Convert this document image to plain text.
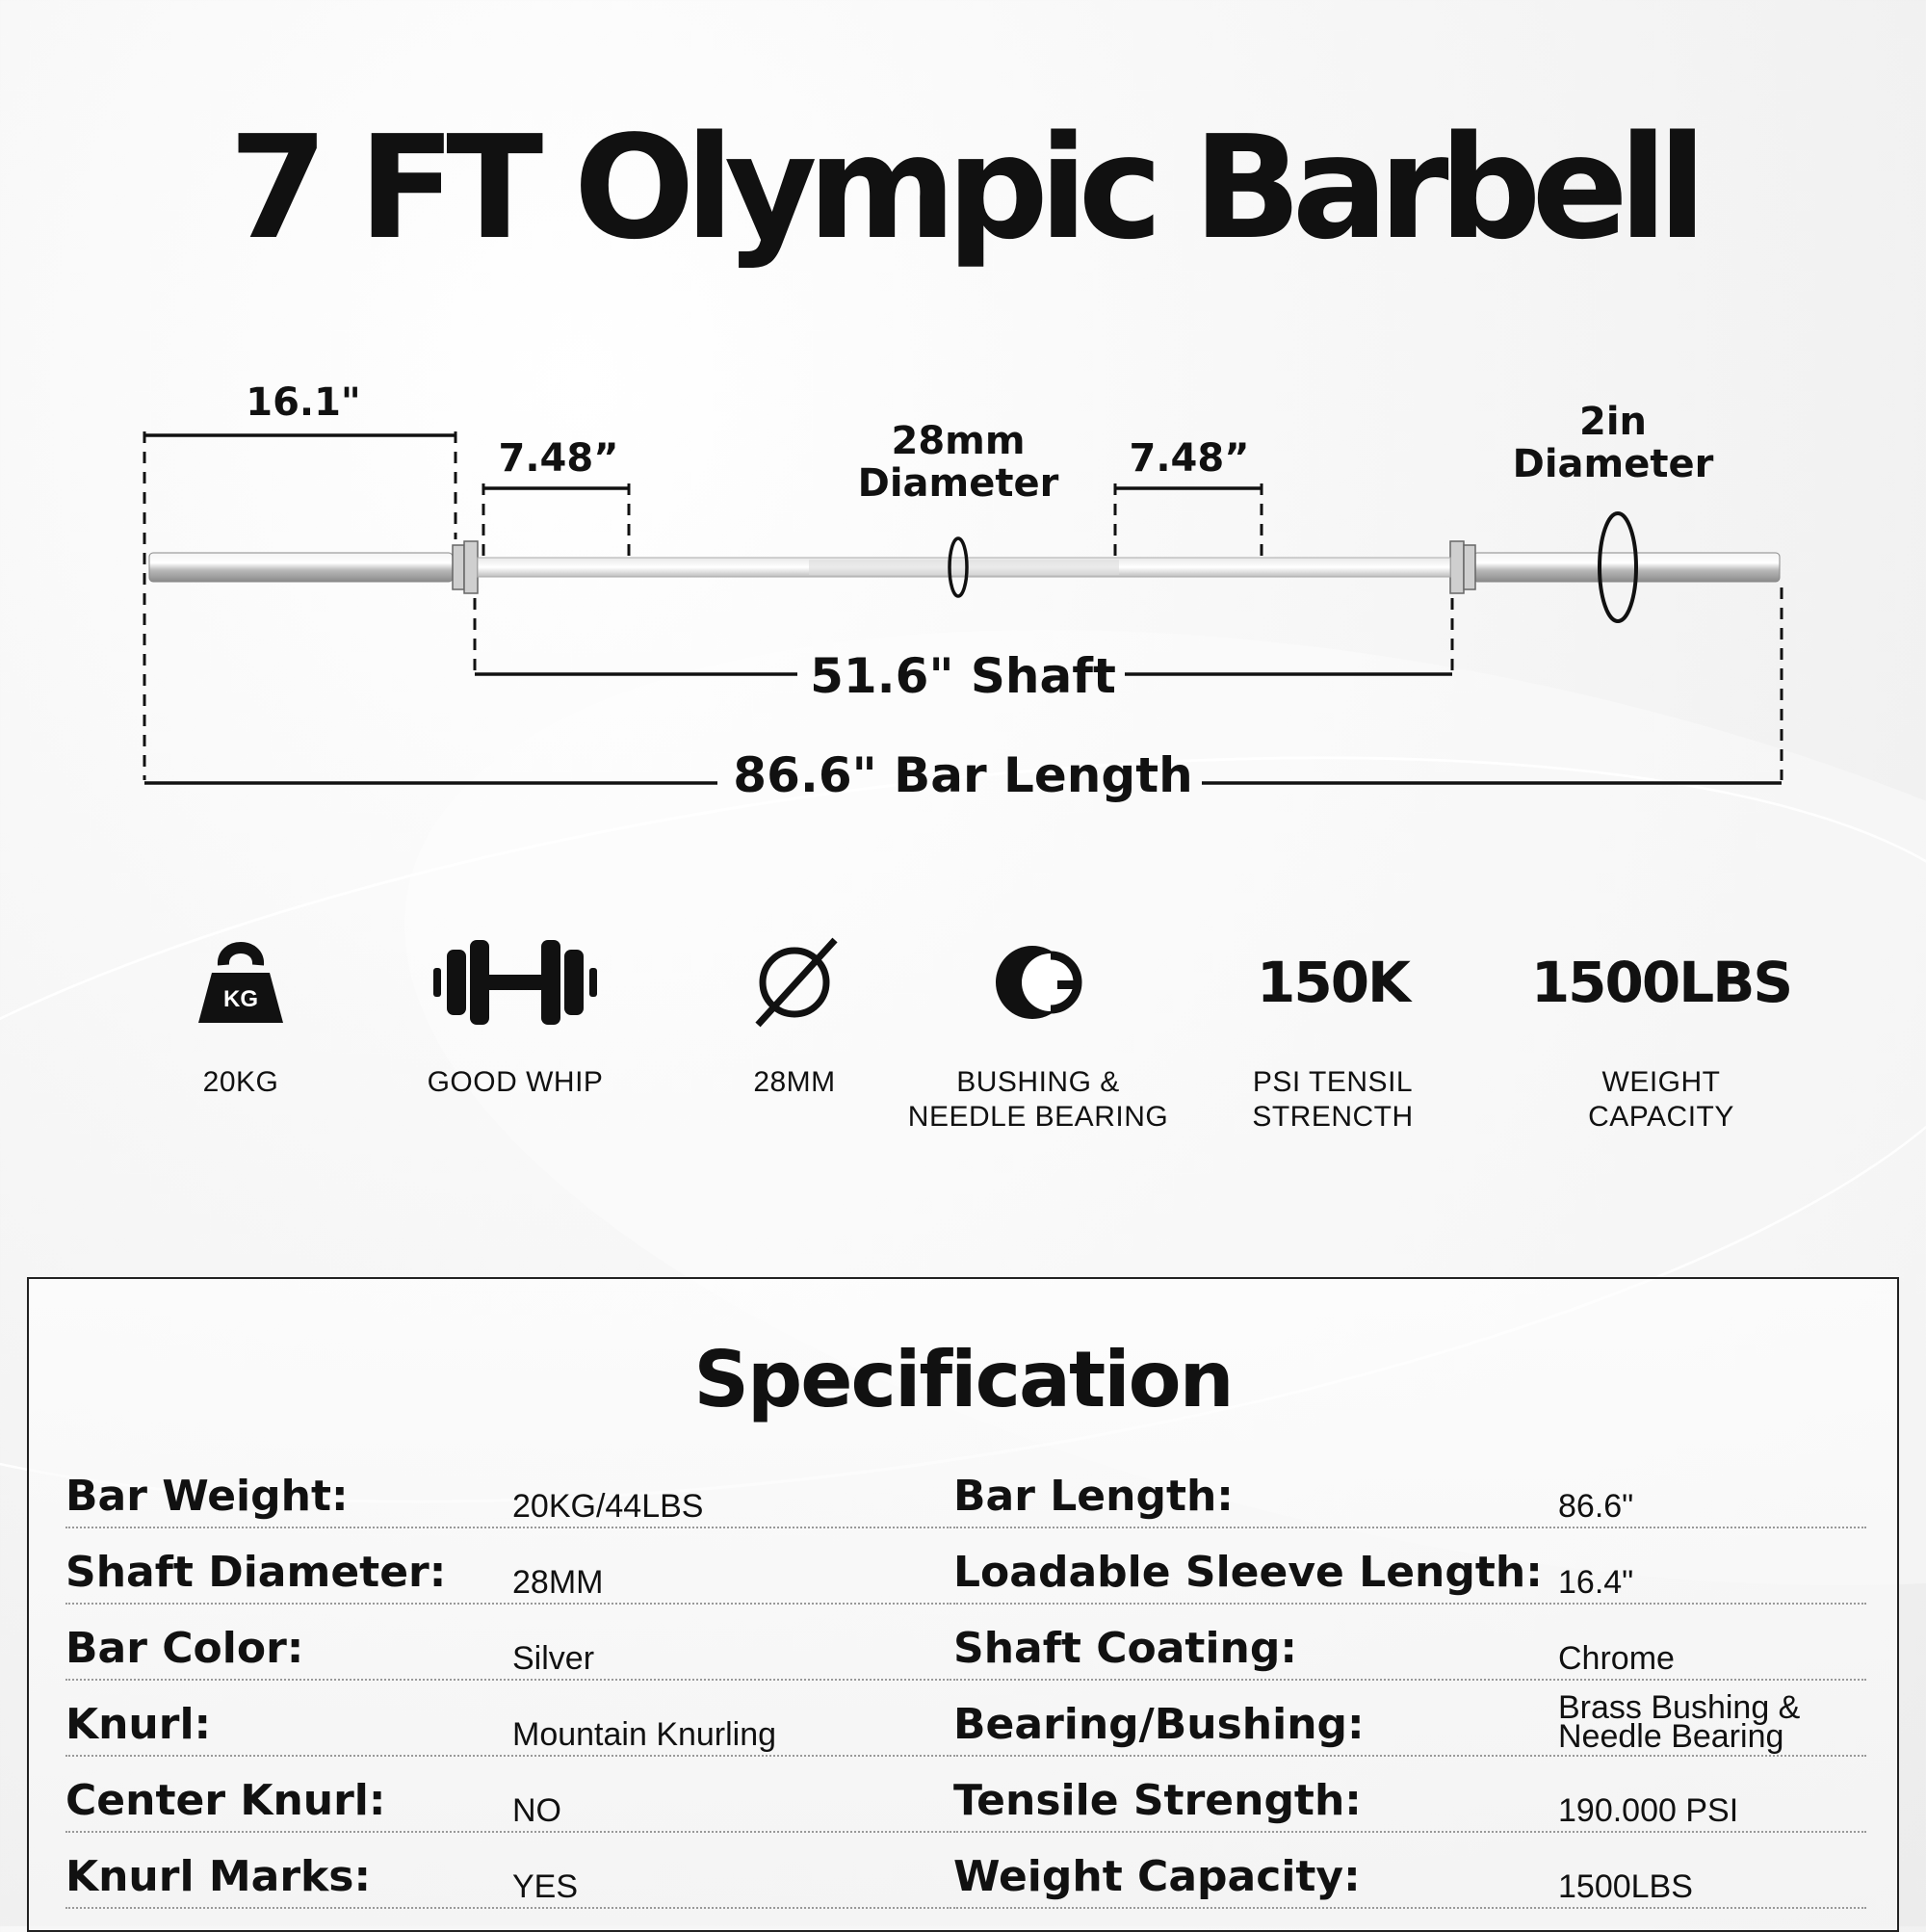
7 FT Olympic Barbell
16.1"
7.48”	7.48”
28mm
Diameter
2in
Diameter
51.6" Shaft
86.6" Bar Length
KG
20KG	GOOD WHIP	28MM	BUSHING &
NEEDLE BEARING
150K
PSI TENSIL
STRENCTH
1500LBS
WEIGHT
CAPACITY
Specification
Bar Weight:	20KG/44LBS
Shaft Diameter: 28MM
Bar Color:	Silver
Knurl:	Mountain Knurling
Center Knurl:	NO
Knurl Marks:	YES
Bar Length:	86.6"
Loadable Sleeve Length: 16.4"
Shaft Coating:	Chrome
Bearing/Bushing:	Brass Bushing & Needle Bearing
Tensile Strength:	190.000 PSI
Weight Capacity:	1500LBS
